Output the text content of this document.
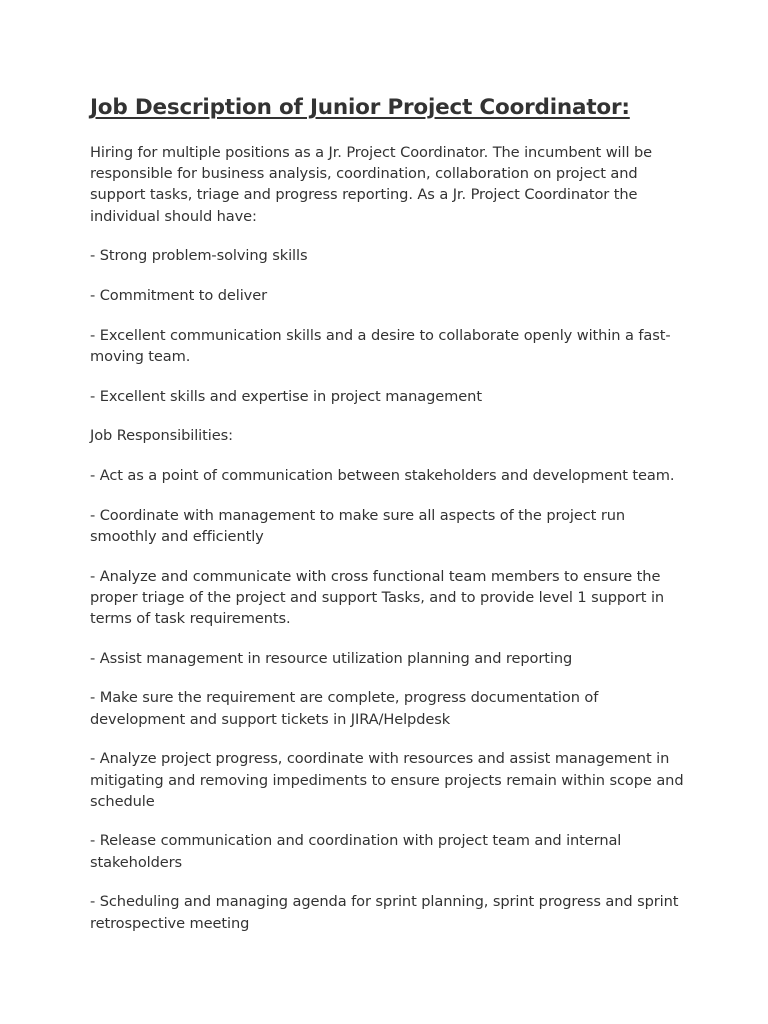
Job Description of Junior Project Coordinator:

Hiring for multiple positions as a Jr. Project Coordinator. The incumbent will be responsible for business analysis, coordination, collaboration on project and support tasks, triage and progress reporting. As a Jr. Project Coordinator the individual should have:

- Strong problem-solving skills

- Commitment to deliver

- Excellent communication skills and a desire to collaborate openly within a fast-moving team.

- Excellent skills and expertise in project management

Job Responsibilities:

- Act as a point of communication between stakeholders and development team.

- Coordinate with management to make sure all aspects of the project run smoothly and efficiently

- Analyze and communicate with cross functional team members to ensure the proper triage of the project and support Tasks, and to provide level 1 support in terms of task requirements.

- Assist management in resource utilization planning and reporting

- Make sure the requirement are complete, progress documentation of development and support tickets in JIRA/Helpdesk

- Analyze project progress, coordinate with resources and assist management in mitigating and removing impediments to ensure projects remain within scope and schedule

- Release communication and coordination with project team and internal stakeholders

- Scheduling and managing agenda for sprint planning, sprint progress and sprint retrospective meeting
